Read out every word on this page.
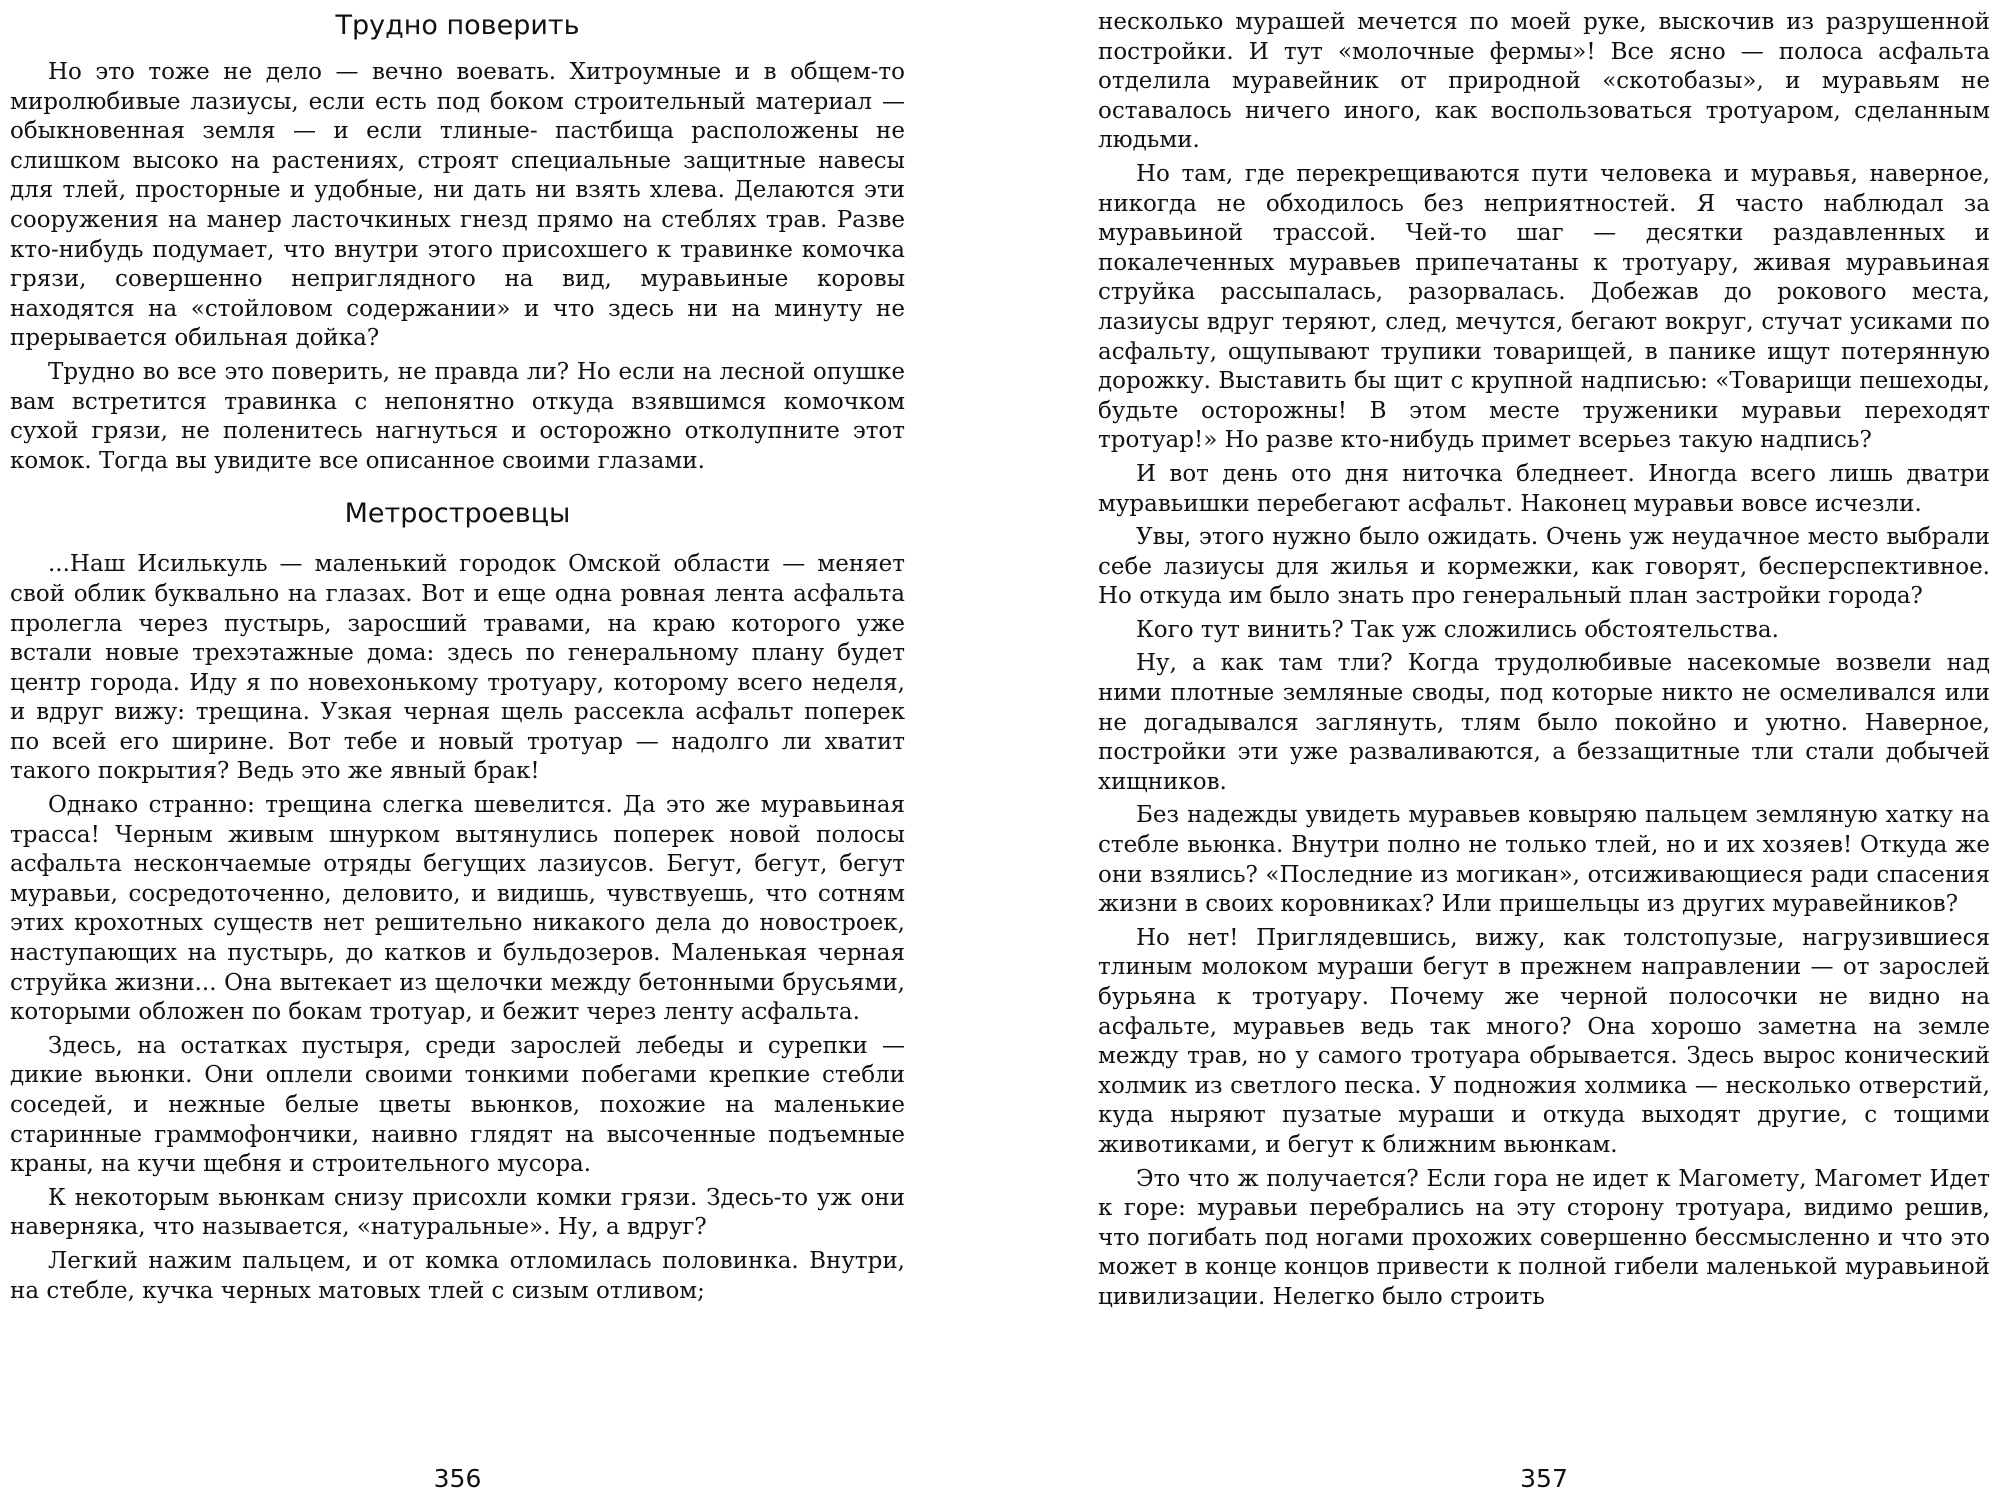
Трудно поверить

Но это тоже не дело — вечно воевать. Хитроумные и в общем-то миролюбивые лазиусы, если есть под боком строительный материал — обыкновенная земля — и если тлиные- пастбища расположены не слишком высоко на растениях, строят специальные защитные навесы для тлей, просторные и удобные, ни дать ни взять хлева. Делаются эти сооружения на манер ласточкиных гнезд прямо на стеблях трав. Разве кто-нибудь подумает, что внутри этого присохшего к травинке комочка грязи, совершенно неприглядного на вид, муравьиные коровы находятся на «стойловом содержании» и что здесь ни на минуту не прерывается обильная дойка?

Трудно во все это поверить, не правда ли? Но если на лесной опушке вам встретится травинка с непонятно откуда взявшимся комочком сухой грязи, не поленитесь нагнуться и осторожно отколупните этот комок. Тогда вы увидите все описанное своими глазами.

Метростроевцы

...Наш Исилькуль — маленький городок Омской области — меняет свой облик буквально на глазах. Вот и еще одна ровная лента асфальта пролегла через пустырь, заросший травами, на краю которого уже встали новые трехэтажные дома: здесь по генеральному плану будет центр города. Иду я по новехонькому тротуару, которому всего неделя, и вдруг вижу: трещина. Узкая черная щель рассекла асфальт поперек по всей его ширине. Вот тебе и новый тротуар — надолго ли хватит такого покрытия? Ведь это же явный брак!

Однако странно: трещина слегка шевелится. Да это же муравьиная трасса! Черным живым шнурком вытянулись поперек новой полосы асфальта нескончаемые отряды бегущих лазиусов. Бегут, бегут, бегут муравьи, сосредоточенно, деловито, и видишь, чувствуешь, что сотням этих крохотных существ нет решительно никакого дела до новостроек, наступающих на пустырь, до катков и бульдозеров. Маленькая черная струйка жизни... Она вытекает из щелочки между бетонными брусьями, которыми обложен по бокам тротуар, и бежит через ленту асфальта.

Здесь, на остатках пустыря, среди зарослей лебеды и сурепки — дикие вьюнки. Они оплели своими тонкими побегами крепкие стебли соседей, и нежные белые цветы вьюнков, похожие на маленькие старинные граммофончики, наивно глядят на высоченные подъемные краны, на кучи щебня и строительного мусора.

К некоторым вьюнкам снизу присохли комки грязи. Здесь-то уж они наверняка, что называется, «натуральные». Ну, а вдруг?

Легкий нажим пальцем, и от комка отломилась половинка. Внутри, на стебле, кучка черных матовых тлей с сизым отливом;

356

несколько мурашей мечется по моей руке, выскочив из разрушенной постройки. И тут «молочные фермы»! Все ясно — полоса асфальта отделила муравейник от природной «скотобазы», и муравьям не оставалось ничего иного, как воспользоваться тротуаром, сделанным людьми.

Но там, где перекрещиваются пути человека и муравья, наверное, никогда не обходилось без неприятностей. Я часто наблюдал за муравьиной трассой. Чей-то шаг — десятки раздавленных и покалеченных муравьев припечатаны к тротуару, живая муравьиная струйка рассыпалась, разорвалась. Добежав до рокового места, лазиусы вдруг теряют, след, мечутся, бегают вокруг, стучат усиками по асфальту, ощупывают трупики товарищей, в панике ищут потерянную дорожку. Выставить бы щит с крупной надписью: «Товарищи пешеходы, будьте осторожны! В этом месте труженики муравьи переходят тротуар!» Но разве кто-нибудь примет всерьез такую надпись?

И вот день ото дня ниточка бледнеет. Иногда всего лишь дватри муравьишки перебегают асфальт. Наконец муравьи вовсе исчезли.

Увы, этого нужно было ожидать. Очень уж неудачное место выбрали себе лазиусы для жилья и кормежки, как говорят, бесперспективное. Но откуда им было знать про генеральный план застройки города?

Кого тут винить? Так уж сложились обстоятельства.

Ну, а как там тли? Когда трудолюбивые насекомые возвели над ними плотные земляные своды, под которые никто не осмеливался или не догадывался заглянуть, тлям было покойно и уютно. Наверное, постройки эти уже разваливаются, а беззащитные тли стали добычей хищников.

Без надежды увидеть муравьев ковыряю пальцем земляную хатку на стебле вьюнка. Внутри полно не только тлей, но и их хозяев! Откуда же они взялись? «Последние из могикан», отсиживающиеся ради спасения жизни в своих коровниках? Или пришельцы из других муравейников?

Но нет! Приглядевшись, вижу, как толстопузые, нагрузившиеся тлиным молоком мураши бегут в прежнем направлении — от зарослей бурьяна к тротуару. Почему же черной полосочки не видно на асфальте, муравьев ведь так много? Она хорошо заметна на земле между трав, но у самого тротуара обрывается. Здесь вырос конический холмик из светлого песка. У подножия холмика — несколько отверстий, куда ныряют пузатые мураши и откуда выходят другие, с тощими животиками, и бегут к ближним вьюнкам.

Это что ж получается? Если гора не идет к Магомету, Магомет Идет к горе: муравьи перебрались на эту сторону тротуара, видимо решив, что погибать под ногами прохожих совершенно бессмысленно и что это может в конце концов привести к полной гибели маленькой муравьиной цивилизации. Нелегко было строить

357
